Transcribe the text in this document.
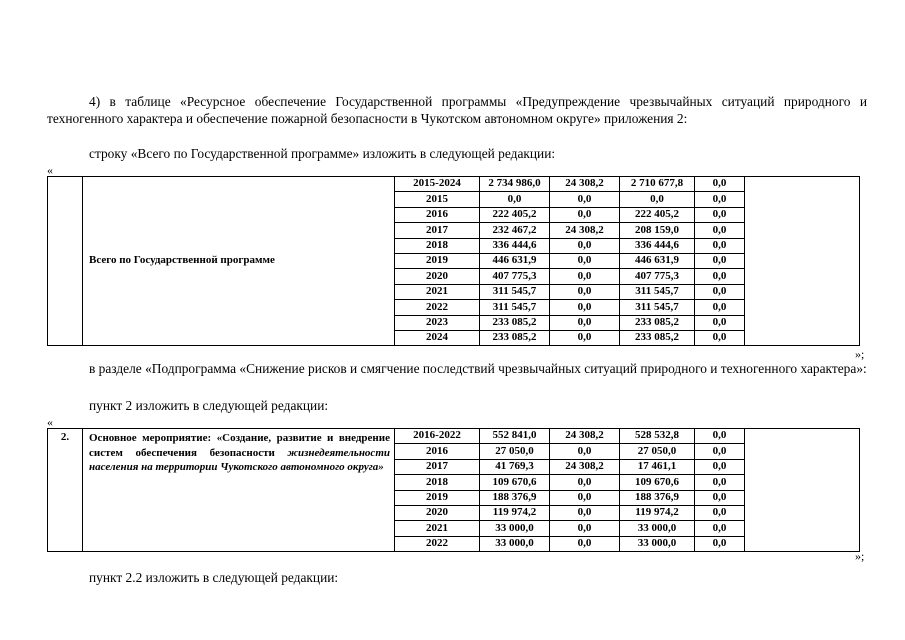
4) в таблице «Ресурсное обеспечение Государственной программы «Предупреждение чрезвычайных ситуаций природного и техногенного характера и обеспечение пожарной безопасности в Чукотском автономном округе» приложения 2:
строку «Всего по Государственной программе» изложить в следующей редакции:
«
	Всего по Государственной программе	2015-2024	2 734 986,0	24 308,2	2 710 677,8	0,0	
		2015	0,0	0,0	0,0	0,0	
		2016	222 405,2	0,0	222 405,2	0,0	
		2017	232 467,2	24 308,2	208 159,0	0,0	
		2018	336 444,6	0,0	336 444,6	0,0	
		2019	446 631,9	0,0	446 631,9	0,0	
		2020	407 775,3	0,0	407 775,3	0,0	
		2021	311 545,7	0,0	311 545,7	0,0	
		2022	311 545,7	0,0	311 545,7	0,0	
		2023	233 085,2	0,0	233 085,2	0,0	
		2024	233 085,2	0,0	233 085,2	0,0	
»;
в разделе «Подпрограмма «Снижение рисков и смягчение последствий чрезвычайных ситуаций природного и техногенного характера»:
пункт 2 изложить в следующей редакции:
«
2.	Основное мероприятие: «Создание, развитие и внедрение систем обеспечения безопасности жизнедеятельности населения на территории Чукотского автономного округа»	2016-2022	552 841,0	24 308,2	528 532,8	0,0	
		2016	27 050,0	0,0	27 050,0	0,0	
		2017	41 769,3	24 308,2	17 461,1	0,0	
		2018	109 670,6	0,0	109 670,6	0,0	
		2019	188 376,9	0,0	188 376,9	0,0	
		2020	119 974,2	0,0	119 974,2	0,0	
		2021	33 000,0	0,0	33 000,0	0,0	
		2022	33 000,0	0,0	33 000,0	0,0	
»;
пункт 2.2 изложить в следующей редакции:
